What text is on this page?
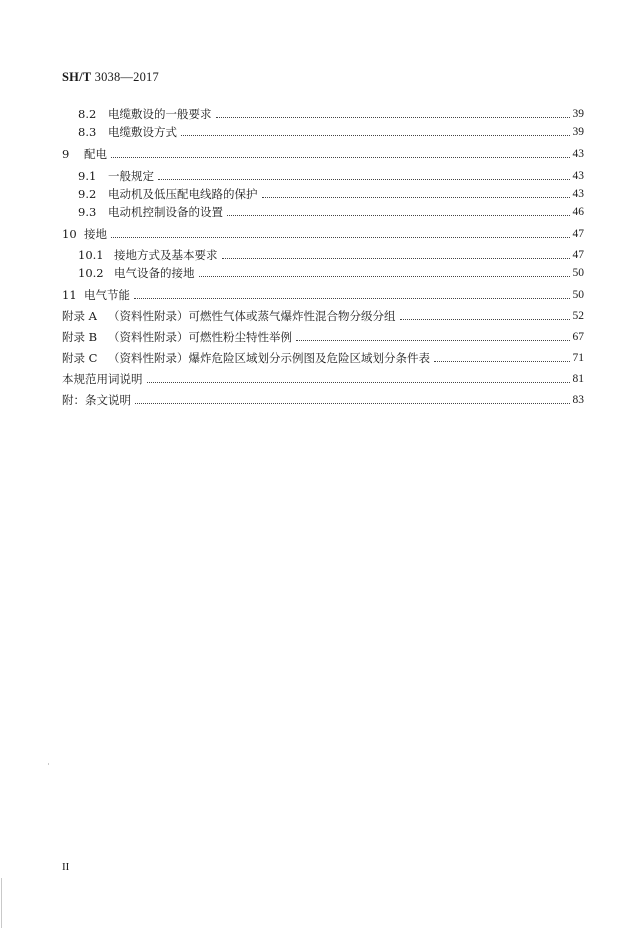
SH/T 3038—2017
8.2	电缆敷设的一般要求	39
8.3	电缆敷设方式	39
9	配电	43
9.1	一般规定	43
9.2	电动机及低压配电线路的保护	43
9.3	电动机控制设备的设置	46
10 接地	47
10.1 接地方式及基本要求	47
10.2 电气设备的接地	50
11 电气节能	50
附录 A （资料性附录）可燃性气体或蒸气爆炸性混合物分级分组	52
附录 B （资料性附录）可燃性粉尘特性举例	67
附录 C （资料性附录）爆炸危险区域划分示例图及危险区域划分条件表	71
本规范用词说明	81
附：条文说明	83
II
